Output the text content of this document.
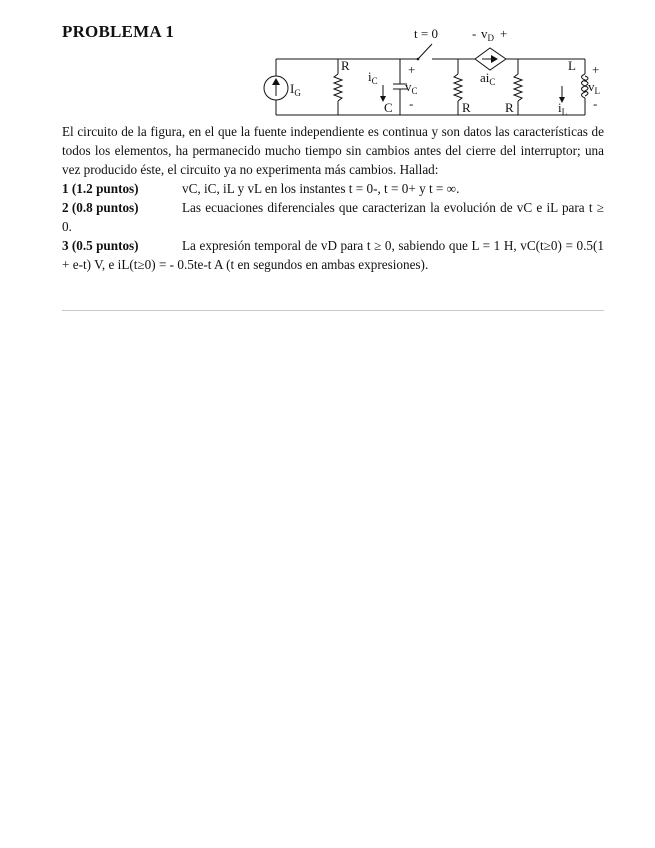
PROBLEMA 1	t = 0	- $v_D$ +
$I_G$
R
$i_C$
C
+
$v_C$
-	R
$ai_C$
R
L +
$v_L$
-
$i_L$

El circuito de la figura, en el que la fuente independiente es continua y son datos las características de todos los elementos, ha permanecido mucho tiempo sin cambios antes del cierre del interruptor; una vez producido éste, el circuito ya no experimenta más cambios. Hallad:

1 (1.2 puntos)	vC, iC, iL y vL en los instantes t = 0-, t = 0+ y t = ∞.

2 (0.8 puntos)	Las ecuaciones diferenciales que caracterizan la evolución de vC e iL para t ≥ 0.

3 (0.5 puntos)	La expresión temporal de vD para t ≥ 0, sabiendo que L = 1 H, vC(t≥0) = 0.5(1 + e-t) V, e iL(t≥0) = - 0.5te-t A (t en segundos en ambas expresiones).
